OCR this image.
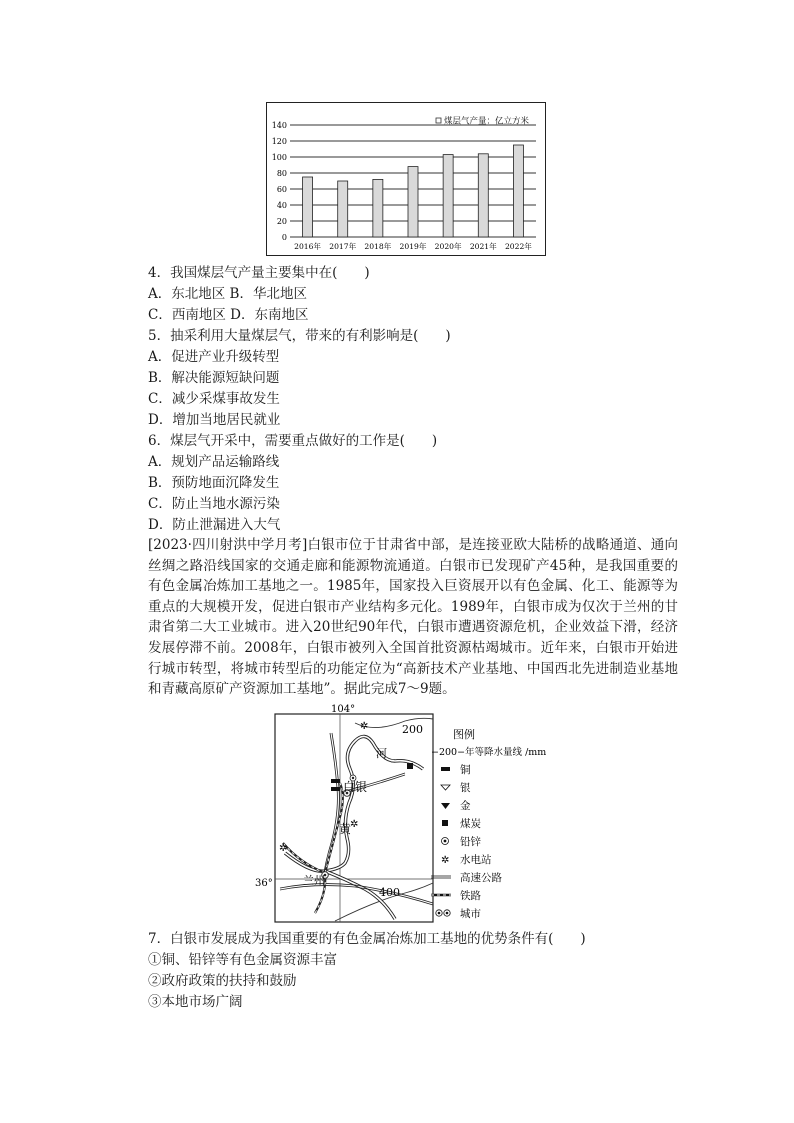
0
20
40
60
80
100
120
140
2016年 2017年 2018年 2019年 2020年 2021年 2022年
煤层气产量：亿立方米
4．我国煤层气产量主要集中在(　　)
A．东北地区 B．华北地区
C．西南地区 D．东南地区
5．抽采利用大量煤层气，带来的有利影响是(　　)
A．促进产业升级转型
B．解决能源短缺问题
C．减少采煤事故发生
D．增加当地居民就业
6．煤层气开采中，需要重点做好的工作是(　　)
A．规划产品运输路线
B．预防地面沉降发生
C．防止当地水源污染
D．防止泄漏进入大气
[2023·四川射洪中学月考]白银市位于甘肃省中部，是连接亚欧大陆桥的战略通道、通向丝绸之路沿线国家的交通走廊和能源物流通道。白银市已发现矿产45种，是我国重要的有色金属冶炼加工基地之一。1985年，国家投入巨资展开以有色金属、化工、能源等为重点的大规模开发，促进白银市产业结构多元化。1989年，白银市成为仅次于兰州的甘肃省第二大工业城市。进入20世纪90年代，白银市遭遇资源危机，企业效益下滑，经济发展停滞不前。2008年，白银市被列入全国首批资源枯竭城市。近年来，白银市开始进行城市转型，将城市转型后的功能定位为“高新技术产业基地、中国西北先进制造业基地和青藏高原矿产资源加工基地”。据此完成7～9题。
104°
36°
200
400
河
黄
✲
✲
✲
白银
兰州
图例
−200−年等降水量线 /mm
铜
银
金
煤炭
铅锌
✲ 水电站
高速公路
铁路
城市
7．白银市发展成为我国重要的有色金属冶炼加工基地的优势条件有(　　)
①铜、铅锌等有色金属资源丰富
②政府政策的扶持和鼓励
③本地市场广阔
